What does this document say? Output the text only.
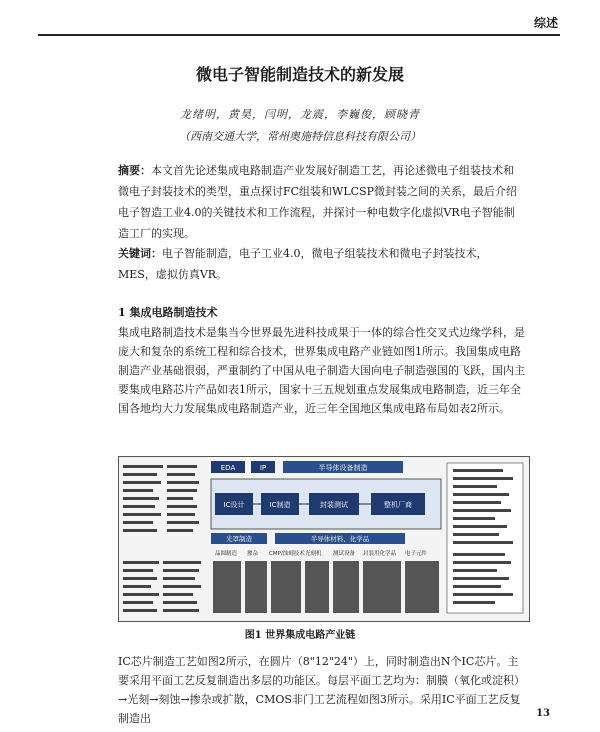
综述
微电子智能制造技术的新发展
龙绪明，黄昊，闫明，龙震，李巍俊，顾晓青
（西南交通大学，常州奥施特信息科技有限公司）
摘要：本文首先论述集成电路制造产业发展好制造工艺，再论述微电子组装技术和微电子封装技术的类型，重点探讨FC组装和WLCSP微封装之间的关系，最后介绍电子智造工业4.0的关键技术和工作流程，并探讨一种电数字化虚拟VR电子智能制造工厂的实现。
关键词：电子智能制造，电子工业4.0，微电子组装技术和微电子封装技术，MES，虚拟仿真VR。
1 集成电路制造技术
集成电路制造技术是集当今世界最先进科技成果于一体的综合性交叉式边缘学科，是庞大和复杂的系统工程和综合技术，世界集成电路产业链如图1所示。我国集成电路制造产业基础很弱，严重制约了中国从电子制造大国向电子制造强国的飞跃，国内主要集成电路芯片产品如表1所示，国家十三五规划重点发展集成电路制造，近三年全国各地均大力发展集成电路制造产业，近三年全国地区集成电路布局如表2所示。
EDA	IP	半导体设备制造
IC设计	IC制造	封装测试	整机厂商
光罩制造	半导体材料、化学品
晶圆制造 掺杂 CMP/蚀刻技术 光刻机 测试设备 封装用化学品 电子元件
图1 世界集成电路产业链
IC芯片制造工艺如图2所示，在圆片（8"12"24"）上，同时制造出N个IC芯片。主要采用平面工艺反复制造出多层的功能区。每层平面工艺均为：制膜（氧化或淀积）→光刻→刻蚀→掺杂或扩散，CMOS非门工艺流程如图3所示。采用IC平面工艺反复制造出	13
